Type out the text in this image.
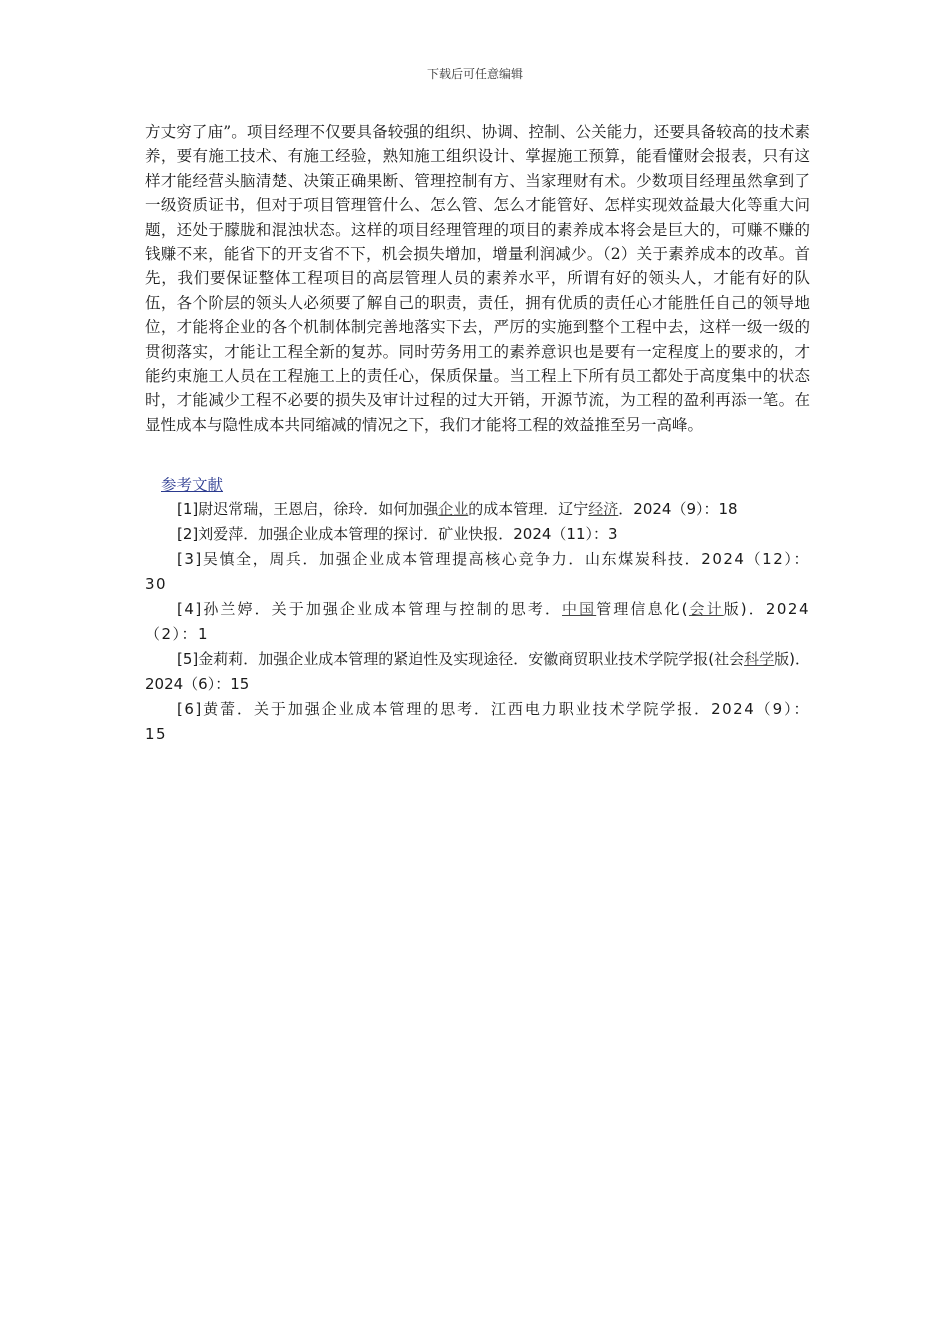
下载后可任意编辑

方丈穷了庙”。项目经理不仅要具备较强的组织、协调、控制、公关能力，还要具备较高的技术素养，要有施工技术、有施工经验，熟知施工组织设计、掌握施工预算，能看懂财会报表，只有这样才能经营头脑清楚、决策正确果断、管理控制有方、当家理财有术。少数项目经理虽然拿到了一级资质证书，但对于项目管理管什么、怎么管、怎么才能管好、怎样实现效益最大化等重大问题，还处于朦胧和混浊状态。这样的项目经理管理的项目的素养成本将会是巨大的，可赚不赚的钱赚不来，能省下的开支省不下，机会损失增加，增量利润减少。（2）关于素养成本的改革。首先，我们要保证整体工程项目的高层管理人员的素养水平，所谓有好的领头人，才能有好的队伍，各个阶层的领头人必须要了解自己的职责，责任，拥有优质的责任心才能胜任自己的领导地位，才能将企业的各个机制体制完善地落实下去，严厉的实施到整个工程中去，这样一级一级的贯彻落实，才能让工程全新的复苏。同时劳务用工的素养意识也是要有一定程度上的要求的，才能约束施工人员在工程施工上的责任心，保质保量。当工程上下所有员工都处于高度集中的状态时，才能减少工程不必要的损失及审计过程的过大开销，开源节流，为工程的盈利再添一笔。在显性成本与隐性成本共同缩减的情况之下，我们才能将工程的效益推至另一高峰。

参考文献

[1]尉迟常瑞，王恩启，徐玲．如何加强企业的成本管理．辽宁经济．2024（9）：18

[2]刘爱萍．加强企业成本管理的探讨．矿业快报．2024（11）：3

[3]吴慎全，周兵．加强企业成本管理提高核心竞争力．山东煤炭科技．2024（12）：30

[4]孙兰婷．关于加强企业成本管理与控制的思考．中国管理信息化(会计版)．2024（2）：1

[5]金莉莉．加强企业成本管理的紧迫性及实现途径．安徽商贸职业技术学院学报(社会科学版)．2024（6）：15

[6]黄蕾．关于加强企业成本管理的思考．江西电力职业技术学院学报．2024（9）：15
